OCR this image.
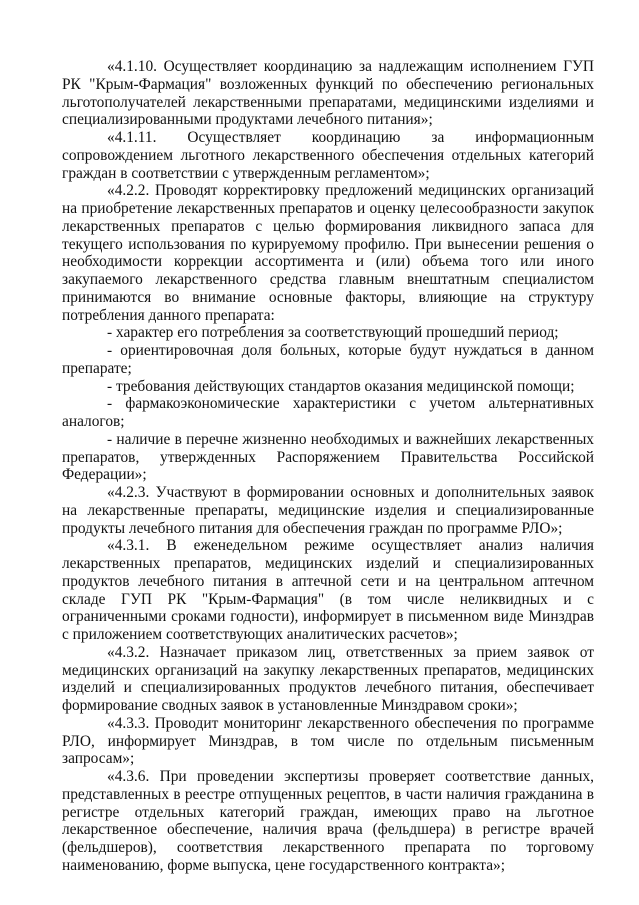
«4.1.10. Осуществляет координацию за надлежащим исполнением ГУП РК "Крым-Фармация" возложенных функций по обеспечению региональных льготополучателей лекарственными препаратами, медицинскими изделиями и специализированными продуктами лечебного питания»;

«4.1.11. Осуществляет координацию за информационным сопровождением льготного лекарственного обеспечения отдельных категорий граждан в соответствии с утвержденным регламентом»;

«4.2.2. Проводят корректировку предложений медицинских организаций на приобретение лекарственных препаратов и оценку целесообразности закупок лекарственных препаратов с целью формирования ликвидного запаса для текущего использования по курируемому профилю. При вынесении решения о необходимости коррекции ассортимента и (или) объема того или иного закупаемого лекарственного средства главным внештатным специалистом принимаются во внимание основные факторы, влияющие на структуру потребления данного препарата:

- характер его потребления за соответствующий прошедший период;

- ориентировочная доля больных, которые будут нуждаться в данном препарате;

- требования действующих стандартов оказания медицинской помощи;

- фармакоэкономические характеристики с учетом альтернативных аналогов;

- наличие в перечне жизненно необходимых и важнейших лекарственных препаратов, утвержденных Распоряжением Правительства Российской Федерации»;

«4.2.3. Участвуют в формировании основных и дополнительных заявок на лекарственные препараты, медицинские изделия и специализированные продукты лечебного питания для обеспечения граждан по программе РЛО»;

«4.3.1. В еженедельном режиме осуществляет анализ наличия лекарственных препаратов, медицинских изделий и специализированных продуктов лечебного питания в аптечной сети и на центральном аптечном складе ГУП РК "Крым-Фармация" (в том числе неликвидных и с ограниченными сроками годности), информирует в письменном виде Минздрав с приложением соответствующих аналитических расчетов»;

«4.3.2. Назначает приказом лиц, ответственных за прием заявок от медицинских организаций на закупку лекарственных препаратов, медицинских изделий и специализированных продуктов лечебного питания, обеспечивает формирование сводных заявок в установленные Минздравом сроки»;

«4.3.3. Проводит мониторинг лекарственного обеспечения по программе РЛО, информирует Минздрав, в том числе по отдельным письменным запросам»;

«4.3.6. При проведении экспертизы проверяет соответствие данных, представленных в реестре отпущенных рецептов, в части наличия гражданина в регистре отдельных категорий граждан, имеющих право на льготное лекарственное обеспечение, наличия врача (фельдшера) в регистре врачей (фельдшеров), соответствия лекарственного препарата по торговому наименованию, форме выпуска, цене государственного контракта»;
